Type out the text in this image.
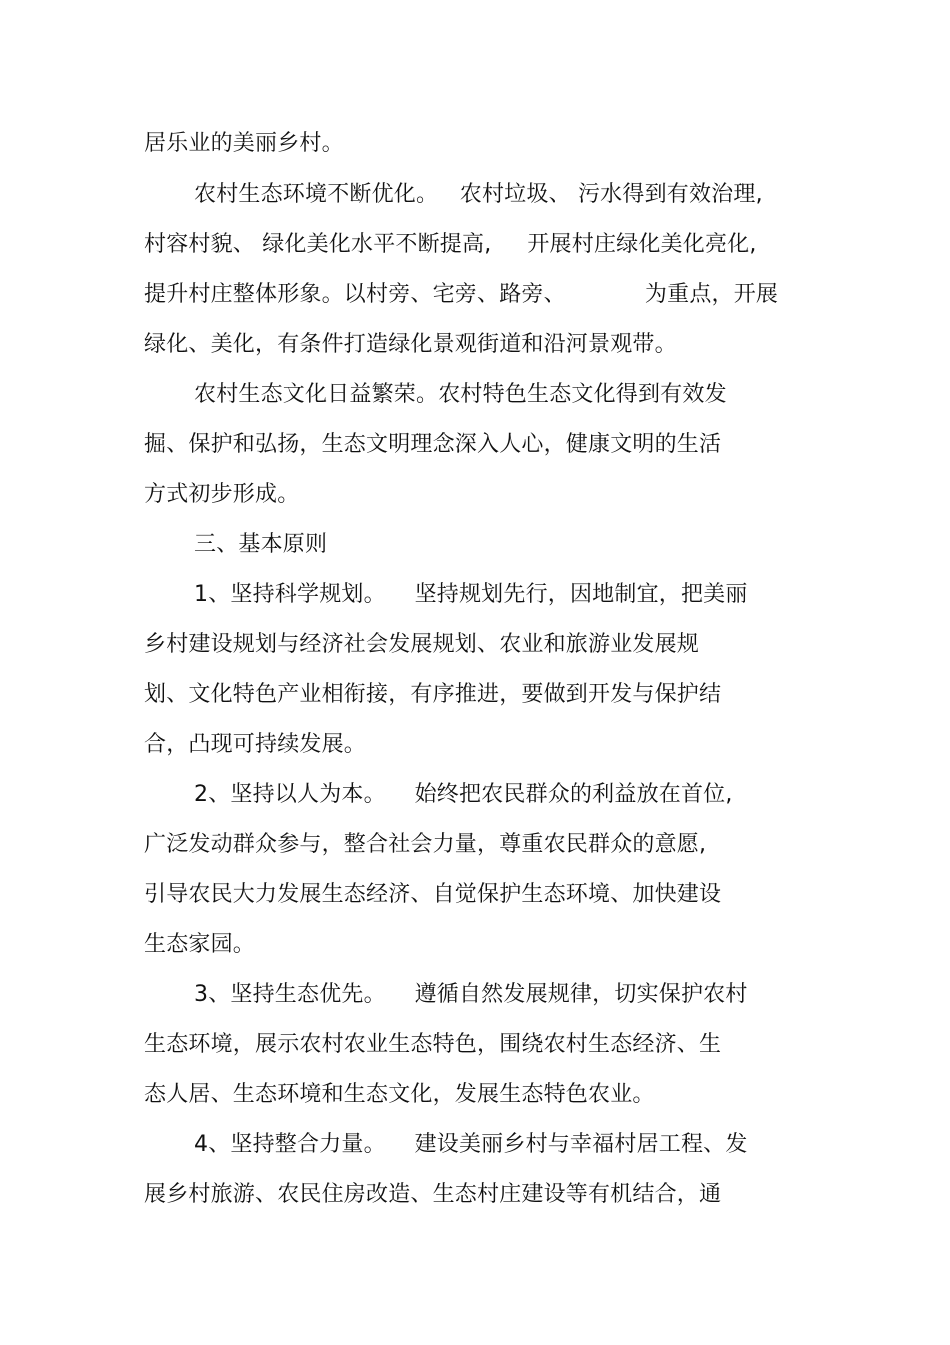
居乐业的美丽乡村。
农村生态环境不断优化。   农村垃圾、 污水得到有效治理,
村容村貌、 绿化美化水平不断提高,     开展村庄绿化美化亮化,
提升村庄整体形象。以村旁、宅旁、路旁、           为重点，开展
绿化、美化，有条件打造绿化景观街道和沿河景观带。
农村生态文化日益繁荣。农村特色生态文化得到有效发
掘、保护和弘扬，生态文明理念深入人心，健康文明的生活
方式初步形成。
三、基本原则
1、坚持科学规划。    坚持规划先行，因地制宜，把美丽
乡村建设规划与经济社会发展规划、农业和旅游业发展规
划、文化特色产业相衔接，有序推进，要做到开发与保护结
合，凸现可持续发展。
2、坚持以人为本。    始终把农民群众的利益放在首位,
广泛发动群众参与，整合社会力量，尊重农民群众的意愿,
引导农民大力发展生态经济、自觉保护生态环境、加快建设
生态家园。
3、坚持生态优先。    遵循自然发展规律，切实保护农村
生态环境，展示农村农业生态特色，围绕农村生态经济、生
态人居、生态环境和生态文化，发展生态特色农业。
4、坚持整合力量。    建设美丽乡村与幸福村居工程、发
展乡村旅游、农民住房改造、生态村庄建设等有机结合，通
